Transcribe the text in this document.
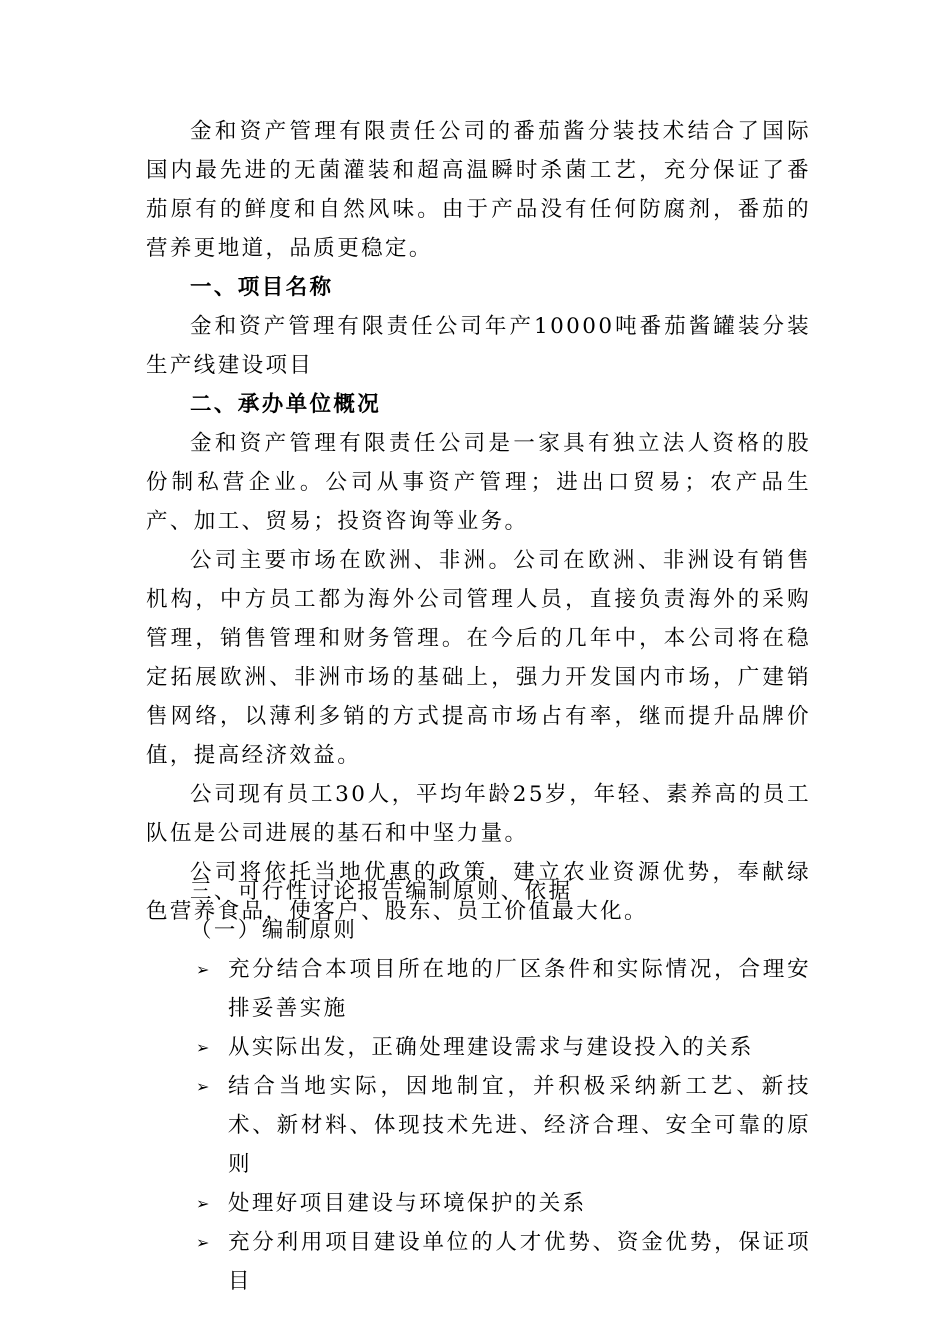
金和资产管理有限责任公司的番茄酱分装技术结合了国际国内最先进的无菌灌装和超高温瞬时杀菌工艺，充分保证了番茄原有的鲜度和自然风味。由于产品没有任何防腐剂，番茄的营养更地道，品质更稳定。

一、项目名称

金和资产管理有限责任公司年产10000吨番茄酱罐装分装生产线建设项目

二、承办单位概况

金和资产管理有限责任公司是一家具有独立法人资格的股份制私营企业。公司从事资产管理；进出口贸易；农产品生产、加工、贸易；投资咨询等业务。

公司主要市场在欧洲、非洲。公司在欧洲、非洲设有销售机构，中方员工都为海外公司管理人员，直接负责海外的采购管理，销售管理和财务管理。在今后的几年中，本公司将在稳定拓展欧洲、非洲市场的基础上，强力开发国内市场，广建销售网络，以薄利多销的方式提高市场占有率，继而提升品牌价值，提高经济效益。

公司现有员工30人，平均年龄25岁，年轻、素养高的员工队伍是公司进展的基石和中坚力量。

公司将依托当地优惠的政策，建立农业资源优势，奉献绿色营养食品，使客户、股东、员工价值最大化。

三、可行性讨论报告编制原则、依据

（一）编制原则

➢ 充分结合本项目所在地的厂区条件和实际情况，合理安排妥善实施
➢ 从实际出发，正确处理建设需求与建设投入的关系
➢ 结合当地实际，因地制宜，并积极采纳新工艺、新技术、新材料、体现技术先进、经济合理、安全可靠的原则
➢ 处理好项目建设与环境保护的关系
➢ 充分利用项目建设单位的人才优势、资金优势，保证项目
